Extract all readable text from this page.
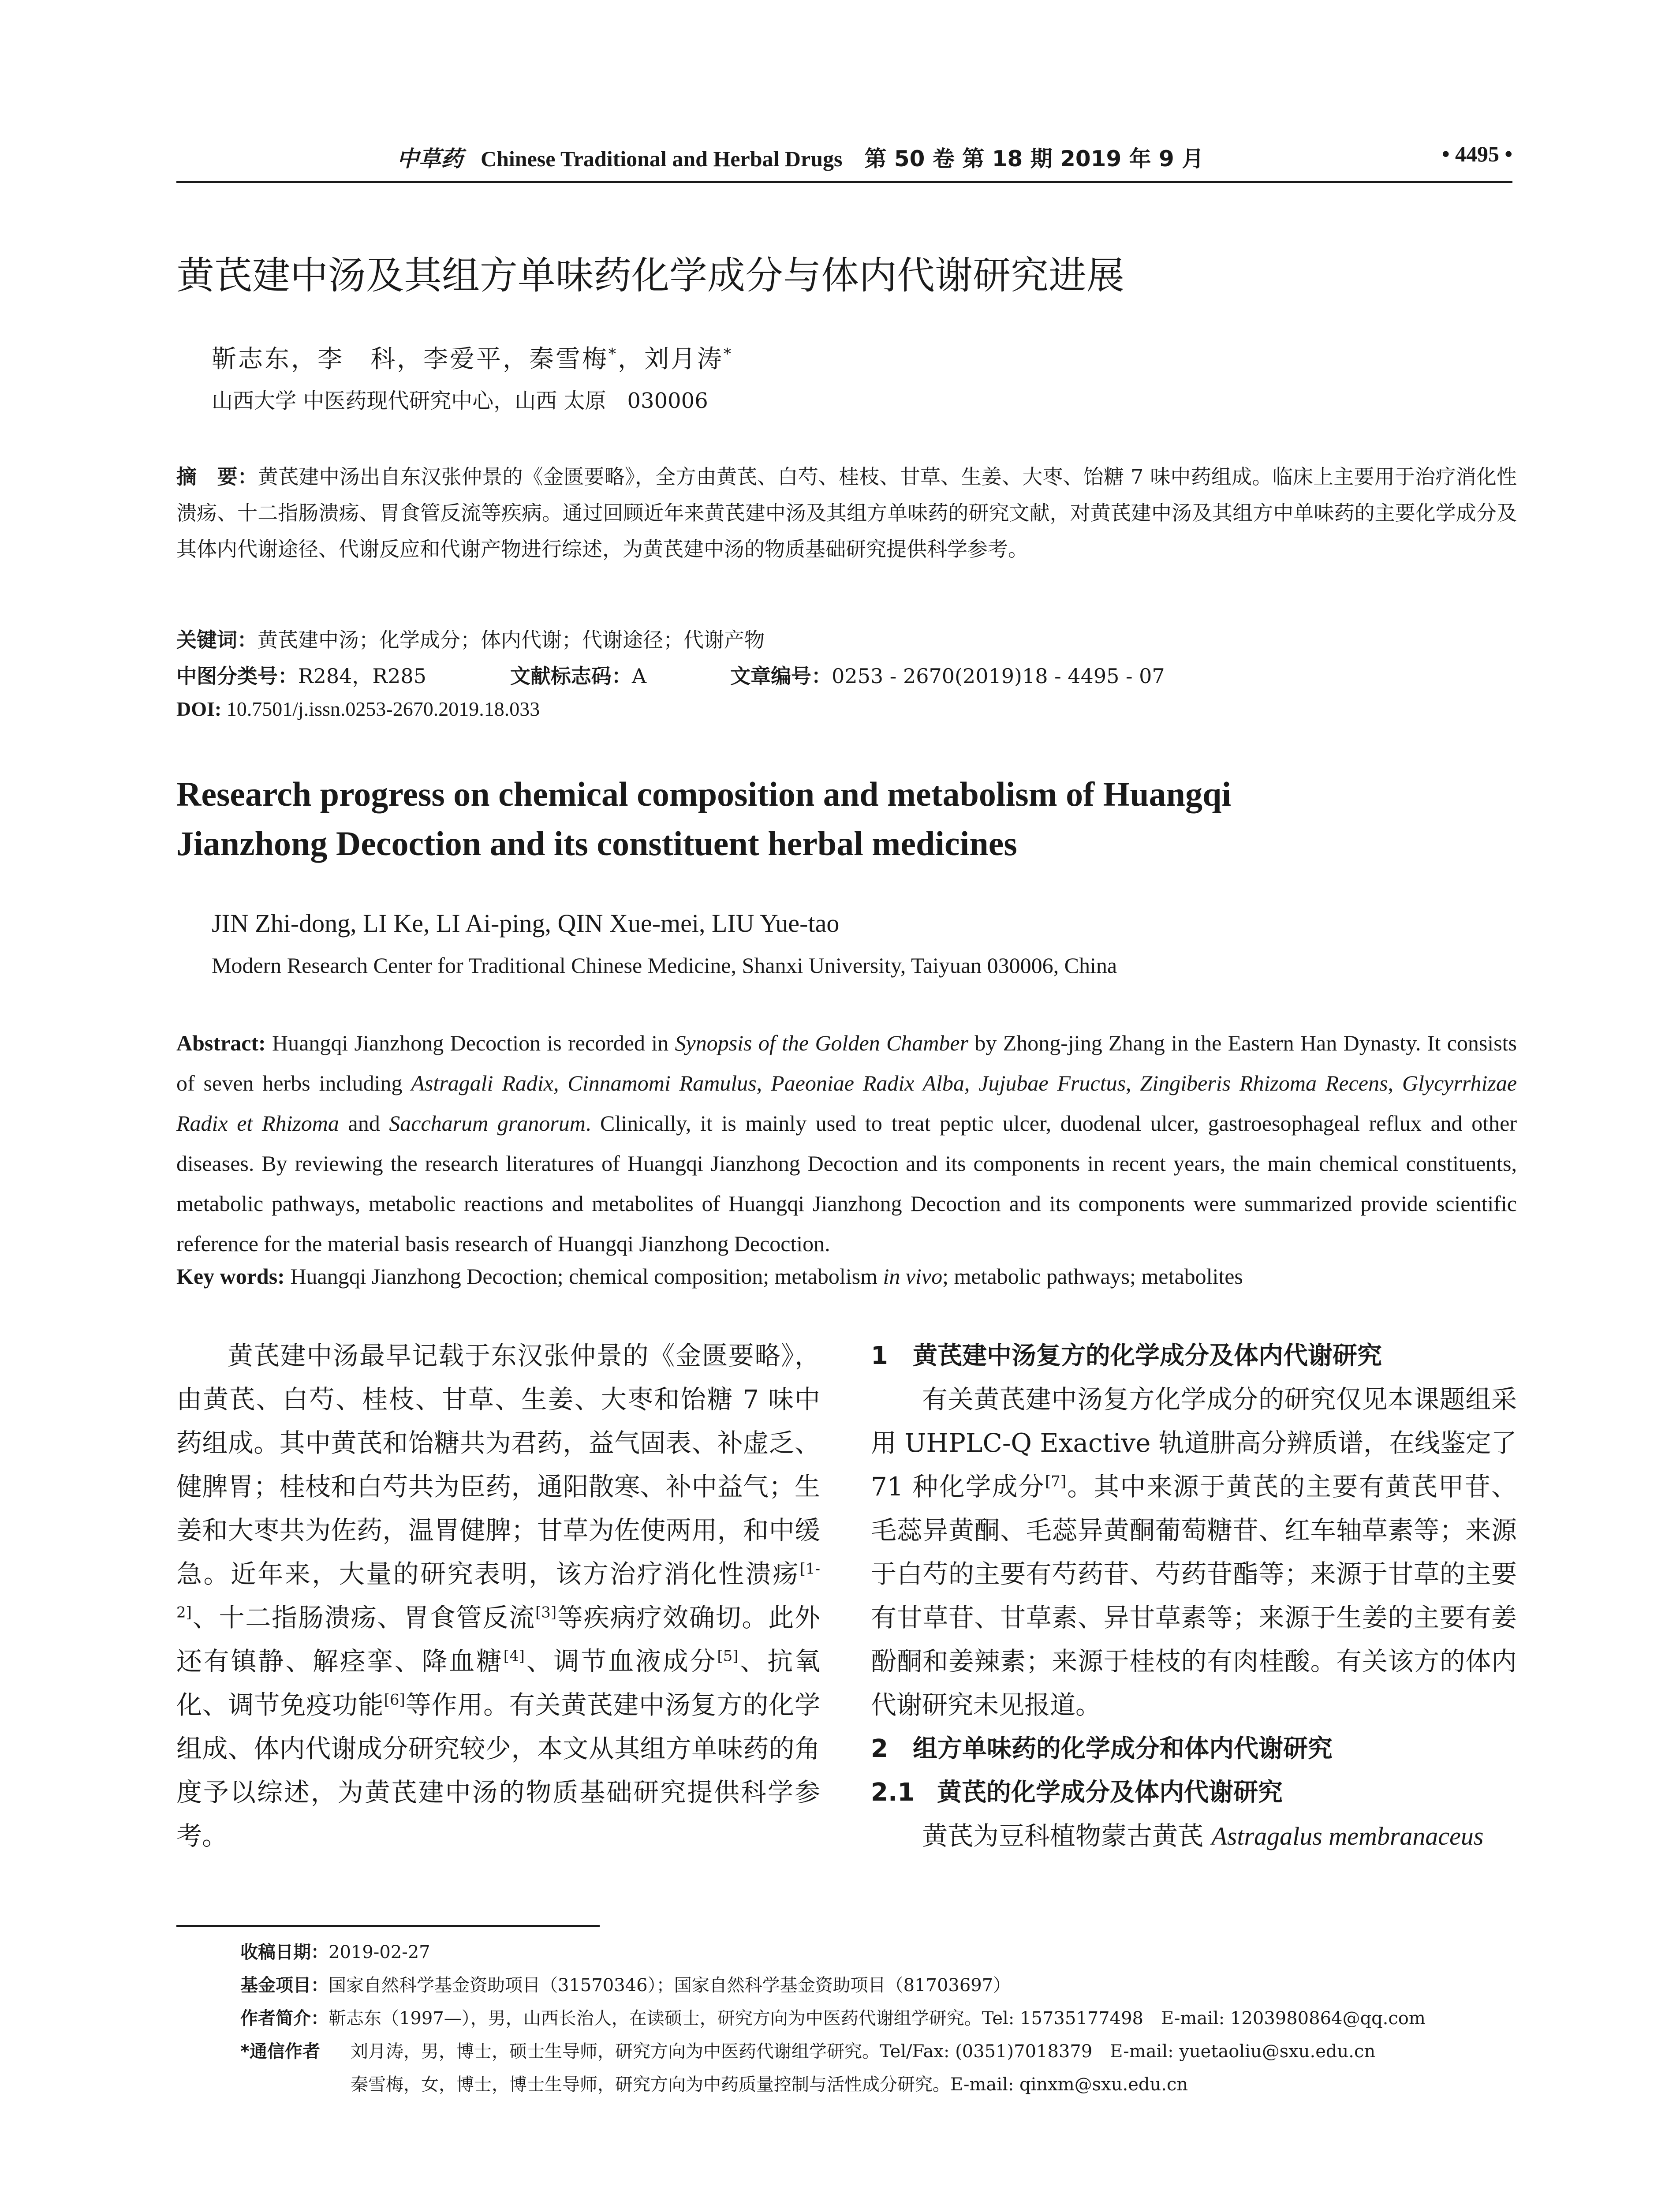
中草药 Chinese Traditional and Herbal Drugs 第 50 卷 第 18 期 2019 年 9 月	• 4495 •
黄芪建中汤及其组方单味药化学成分与体内代谢研究进展
靳志东，李　科，李爱平，秦雪梅*，刘月涛*
山西大学 中医药现代研究中心，山西 太原　030006
摘　要：黄芪建中汤出自东汉张仲景的《金匮要略》，全方由黄芪、白芍、桂枝、甘草、生姜、大枣、饴糖 7 味中药组成。临床上主要用于治疗消化性溃疡、十二指肠溃疡、胃食管反流等疾病。通过回顾近年来黄芪建中汤及其组方单味药的研究文献，对黄芪建中汤及其组方中单味药的主要化学成分及其体内代谢途径、代谢反应和代谢产物进行综述，为黄芪建中汤的物质基础研究提供科学参考。
关键词：黄芪建中汤；化学成分；体内代谢；代谢途径；代谢产物
中图分类号：R284，R285	文献标志码：A	文章编号：0253 - 2670(2019)18 - 4495 - 07
DOI: 10.7501/j.issn.0253-2670.2019.18.033
Research progress on chemical composition and metabolism of Huangqi
Jianzhong Decoction and its constituent herbal medicines
JIN Zhi-dong, LI Ke, LI Ai-ping, QIN Xue-mei, LIU Yue-tao
Modern Research Center for Traditional Chinese Medicine, Shanxi University, Taiyuan 030006, China
Abstract: Huangqi Jianzhong Decoction is recorded in Synopsis of the Golden Chamber by Zhong-jing Zhang in the Eastern Han Dynasty. It consists of seven herbs including Astragali Radix, Cinnamomi Ramulus, Paeoniae Radix Alba, Jujubae Fructus, Zingiberis Rhizoma Recens, Glycyrrhizae Radix et Rhizoma and Saccharum granorum. Clinically, it is mainly used to treat peptic ulcer, duodenal ulcer, gastroesophageal reflux and other diseases. By reviewing the research literatures of Huangqi Jianzhong Decoction and its components in recent years, the main chemical constituents, metabolic pathways, metabolic reactions and metabolites of Huangqi Jianzhong Decoction and its components were summarized provide scientific reference for the material basis research of Huangqi Jianzhong Decoction.
Key words: Huangqi Jianzhong Decoction; chemical composition; metabolism in vivo; metabolic pathways; metabolites

黄芪建中汤最早记载于东汉张仲景的《金匮要略》，由黄芪、白芍、桂枝、甘草、生姜、大枣和饴糖 7 味中药组成。其中黄芪和饴糖共为君药，益气固表、补虚乏、健脾胃；桂枝和白芍共为臣药，通阳散寒、补中益气；生姜和大枣共为佐药，温胃健脾；甘草为佐使两用，和中缓急。近年来，大量的研究表明，该方治疗消化性溃疡[1-2]、十二指肠溃疡、胃食管反流[3]等疾病疗效确切。此外还有镇静、解痉挛、降血糖[4]、调节血液成分[5]、抗氧化、调节免疫功能[6]等作用。有关黄芪建中汤复方的化学组成、体内代谢成分研究较少，本文从其组方单味药的角度予以综述，为黄芪建中汤的物质基础研究提供科学参考。

1 黄芪建中汤复方的化学成分及体内代谢研究

有关黄芪建中汤复方化学成分的研究仅见本课题组采用 UHPLC-Q Exactive 轨道肼高分辨质谱，在线鉴定了 71 种化学成分[7]。其中来源于黄芪的主要有黄芪甲苷、毛蕊异黄酮、毛蕊异黄酮葡萄糖苷、红车轴草素等；来源于白芍的主要有芍药苷、芍药苷酯等；来源于甘草的主要有甘草苷、甘草素、异甘草素等；来源于生姜的主要有姜酚酮和姜辣素；来源于桂枝的有肉桂酸。有关该方的体内代谢研究未见报道。

2 组方单味药的化学成分和体内代谢研究
2.1 黄芪的化学成分及体内代谢研究

黄芪为豆科植物蒙古黄芪 Astragalus membranaceus

收稿日期：2019-02-27
基金项目：国家自然科学基金资助项目（31570346）；国家自然科学基金资助项目（81703697）
作者简介：靳志东（1997—），男，山西长治人，在读硕士，研究方向为中医药代谢组学研究。Tel: 15735177498　E-mail: 1203980864@qq.com
*通信作者 刘月涛，男，博士，硕士生导师，研究方向为中医药代谢组学研究。Tel/Fax: (0351)7018379　E-mail: yuetaoliu@sxu.edu.cn
秦雪梅，女，博士，博士生导师，研究方向为中药质量控制与活性成分研究。E-mail: qinxm@sxu.edu.cn
